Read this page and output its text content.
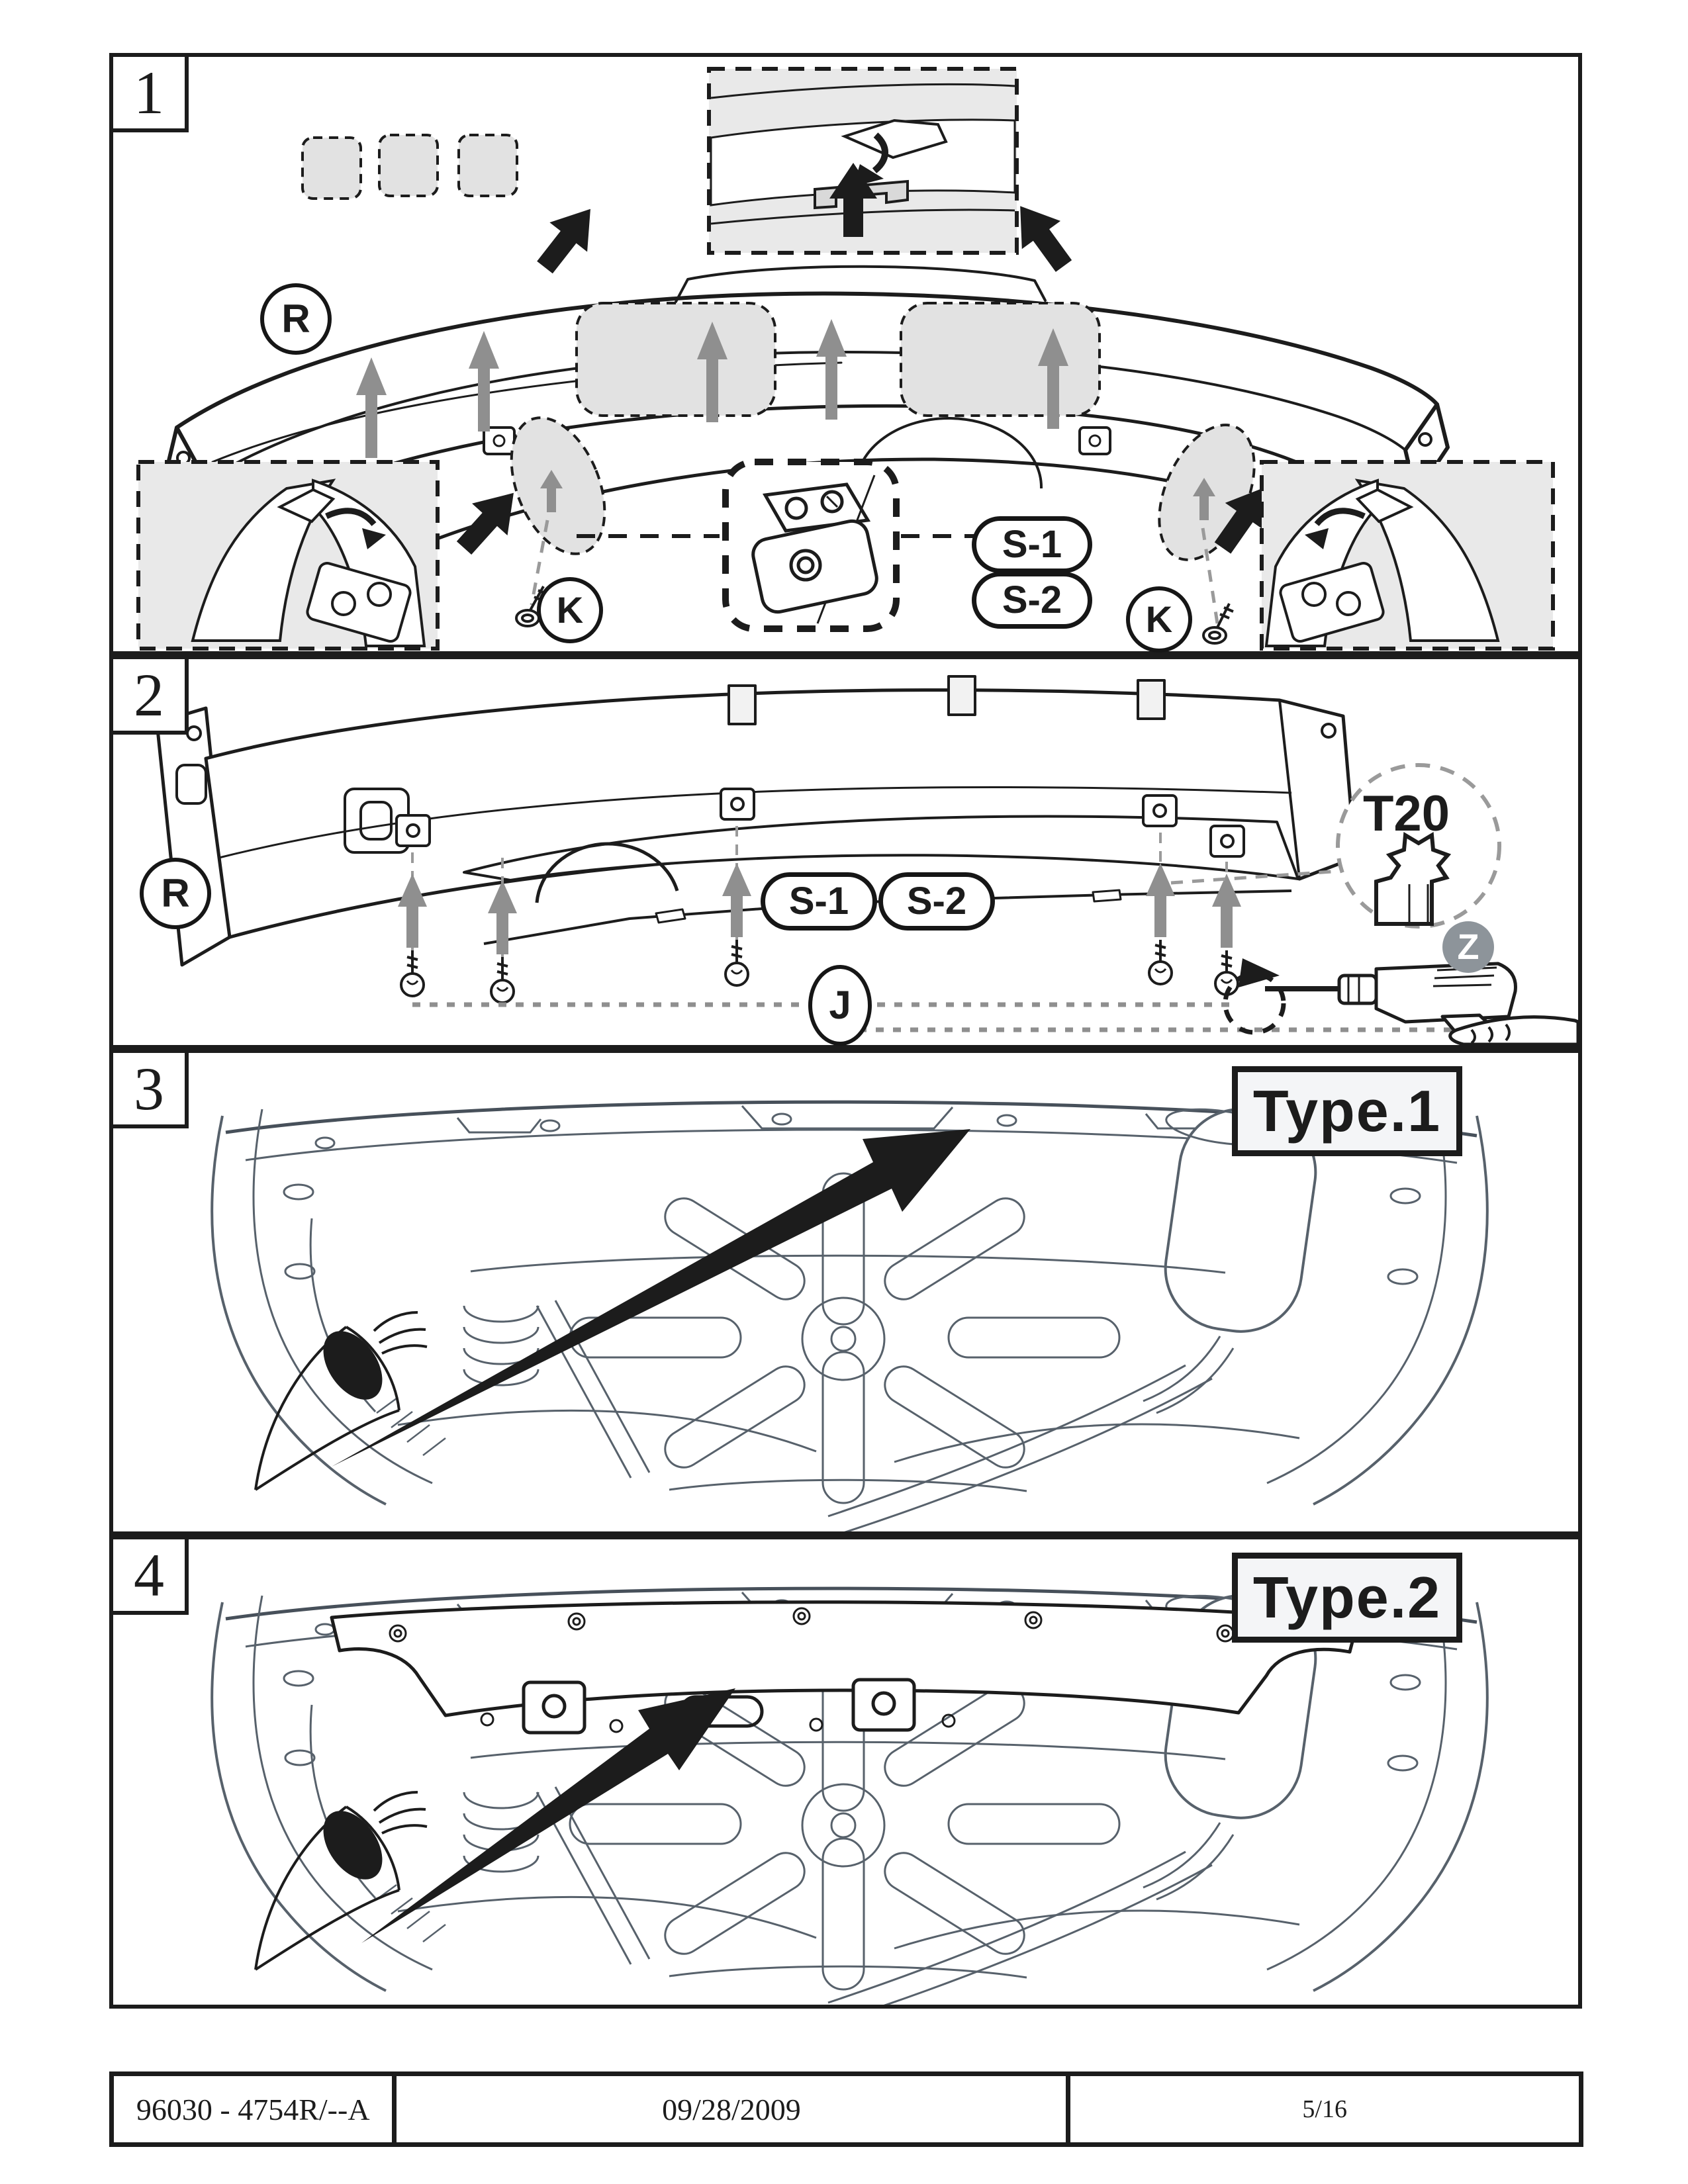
1
R
S-1
S-2
K	K
2
R	S-1 S-2
J
T20
Z
3	Type.1
4	Type.2
96030 - 4754R/--A	09/28/2009	5/16
